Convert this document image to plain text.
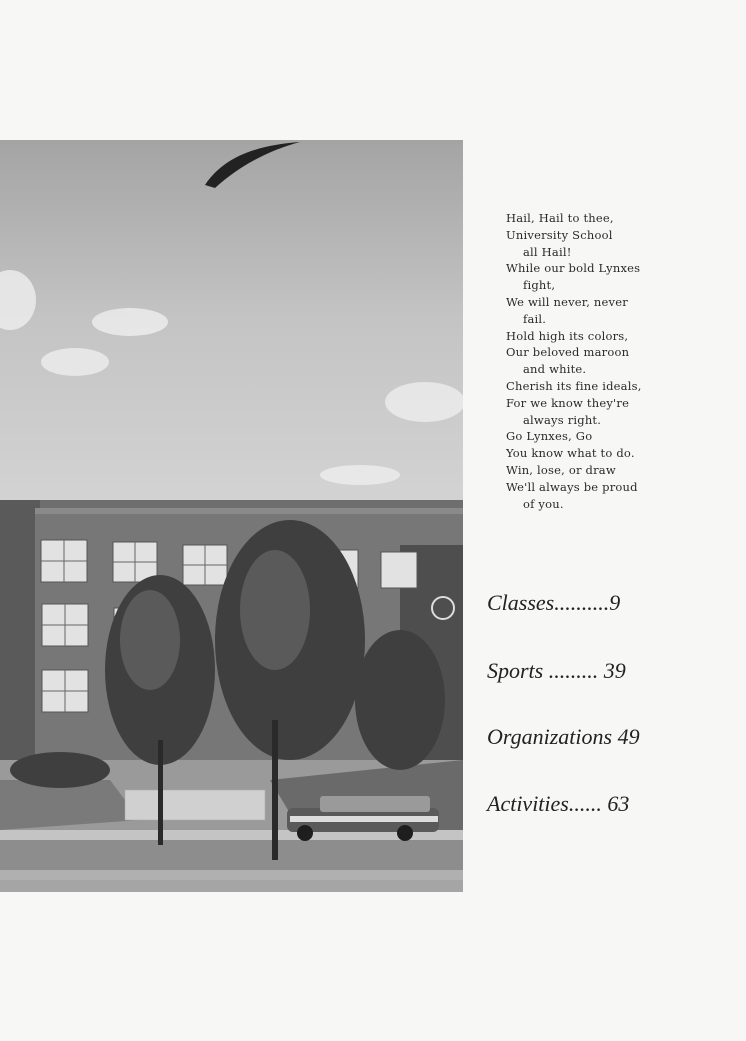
Hail, Hail to thee,
University School
all Hail!
While our bold Lynxes
fight,
We will never, never
fail.
Hold high its colors,
Our beloved maroon
and white.
Cherish its fine ideals,
For we know they're
always right.
Go Lynxes, Go
You know what to do.
Win, lose, or draw
We'll always be proud
of you.
Classes..........9
Sports ......... 39
Organizations 49
Activities...... 63
